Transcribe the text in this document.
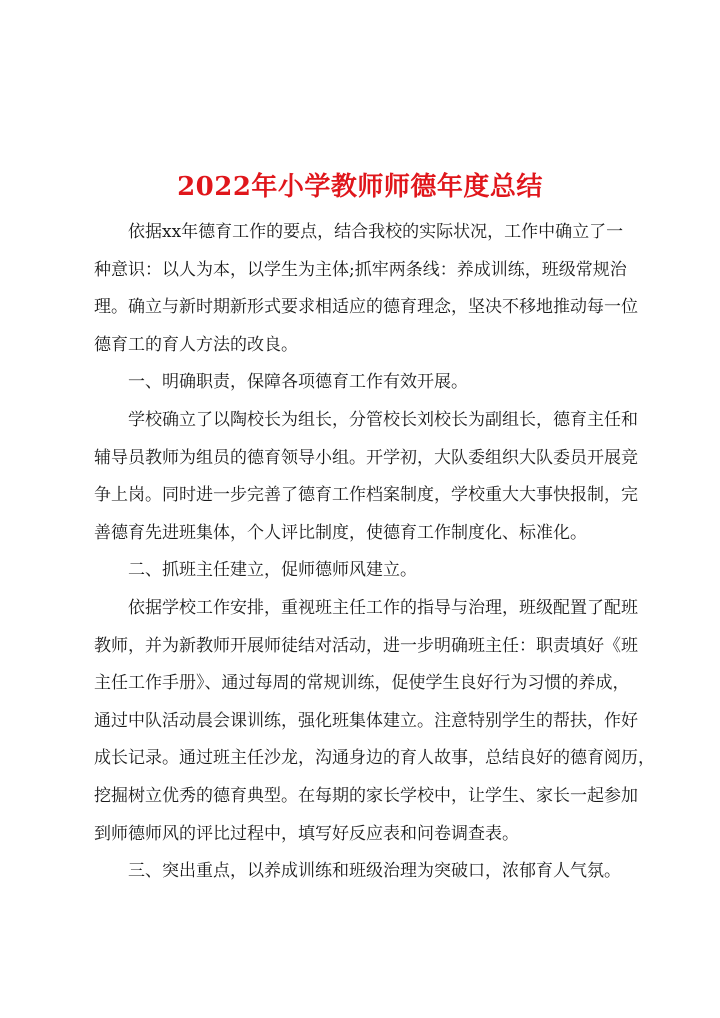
2022年小学教师师德年度总结

依据xx年德育工作的要点，结合我校的实际状况，工作中确立了一
种意识：以人为本，以学生为主体;抓牢两条线：养成训练，班级常规治
理。确立与新时期新形式要求相适应的德育理念，坚决不移地推动每一位
德育工的育人方法的改良。

一、明确职责，保障各项德育工作有效开展。

学校确立了以陶校长为组长，分管校长刘校长为副组长，德育主任和
辅导员教师为组员的德育领导小组。开学初，大队委组织大队委员开展竞
争上岗。同时进一步完善了德育工作档案制度，学校重大大事快报制，完
善德育先进班集体，个人评比制度，使德育工作制度化、标准化。

二、抓班主任建立，促师德师风建立。

依据学校工作安排，重视班主任工作的指导与治理，班级配置了配班
教师，并为新教师开展师徒结对活动，进一步明确班主任：职责填好《班
主任工作手册》、通过每周的常规训练，促使学生良好行为习惯的养成，
通过中队活动晨会课训练，强化班集体建立。注意特别学生的帮扶，作好
成长记录。通过班主任沙龙，沟通身边的育人故事，总结良好的德育阅历，
挖掘树立优秀的德育典型。在每期的家长学校中，让学生、家长一起参加
到师德师风的评比过程中，填写好反应表和问卷调查表。

三、突出重点，以养成训练和班级治理为突破口，浓郁育人气氛。
